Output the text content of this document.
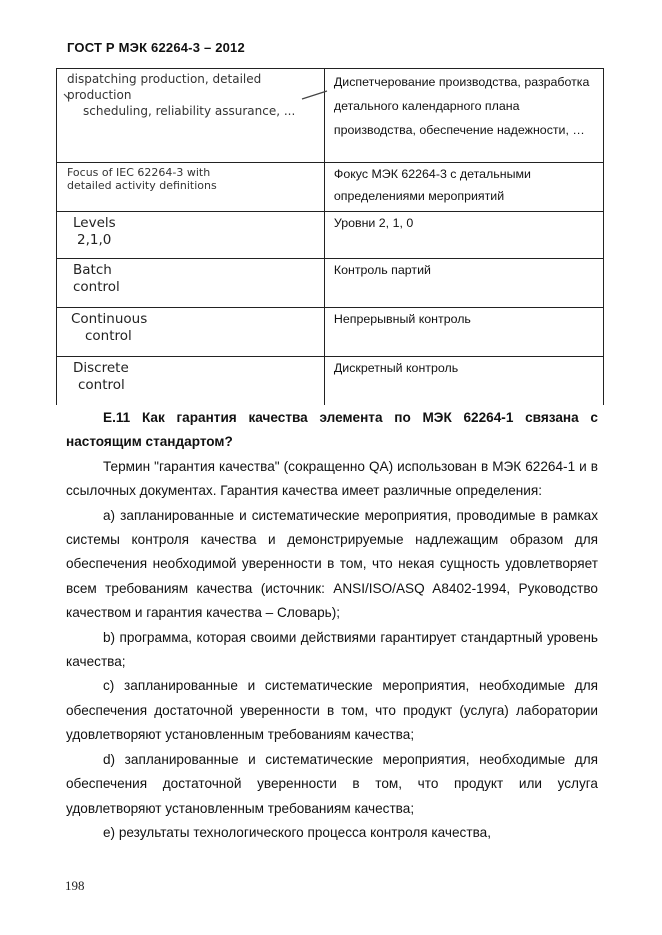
ГОСТ Р МЭК 62264-3 – 2012
dispatching production, detailed production
scheduling, reliability assurance, ...	Диспетчерование производства, разработка детального календарного плана производства, обеспечение надежности, …

Focus of IEC 62264-3 with
detailed activity definitions	Фокус МЭК 62264-3 с детальными определениями мероприятий

Levels
2,1,0	Уровни 2, 1, 0

Batch
control	Контроль партий

Continuous
control	Непрерывный контроль

Discrete
control	Дискретный контроль

Е.11 Как гарантия качества элемента по МЭК 62264-1 связана с настоящим стандартом?

Термин "гарантия качества" (сокращенно QA) использован в МЭК 62264-1 и в ссылочных документах. Гарантия качества имеет различные определения:

а) запланированные и систематические мероприятия, проводимые в рамках системы контроля качества и демонстрируемые надлежащим образом для обеспечения необходимой уверенности в том, что некая сущность удовлетворяет всем требованиям качества (источник: ANSI/ISO/ASQ A8402-1994, Руководство качеством и гарантия качества – Словарь);

b) программа, которая своими действиями гарантирует стандартный уровень качества;

с) запланированные и систематические мероприятия, необходимые для обеспечения достаточной уверенности в том, что продукт (услуга) лаборатории удовлетворяют установленным требованиям качества;

d) запланированные и систематические мероприятия, необходимые для обеспечения достаточной уверенности в том, что продукт или услуга удовлетворяют установленным требованиям качества;

е) результаты технологического процесса контроля качества,

198
